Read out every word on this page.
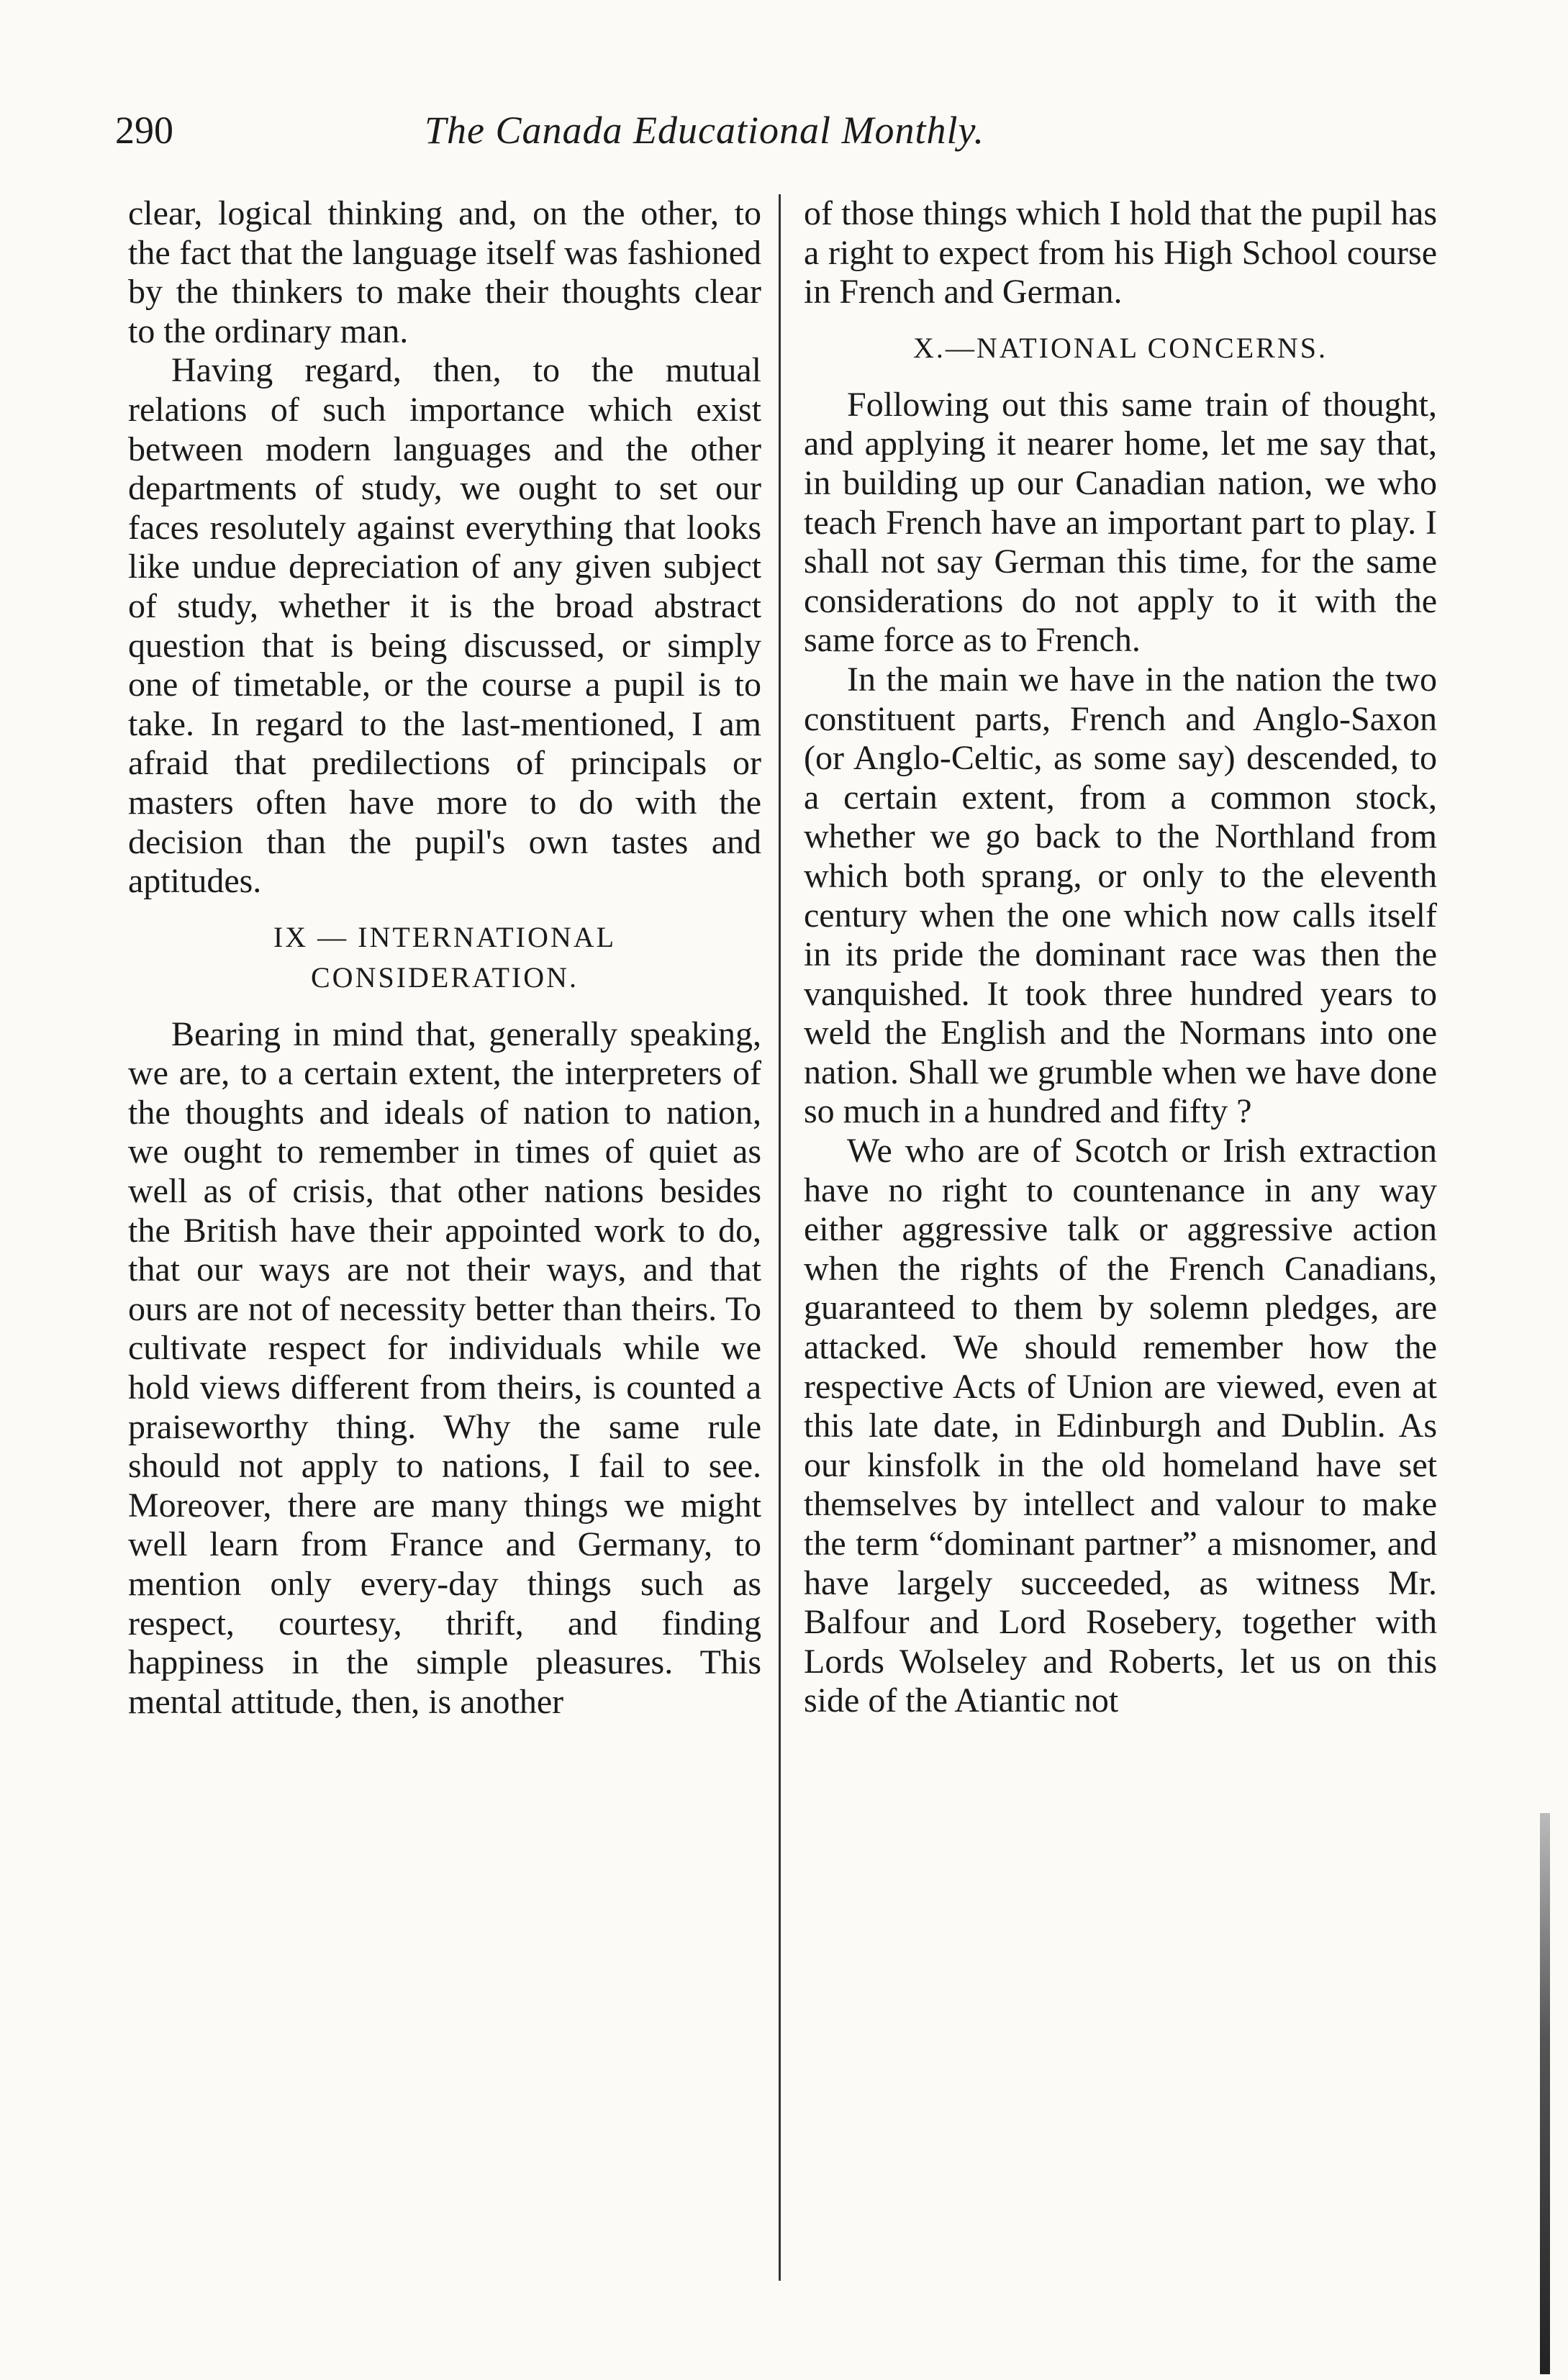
290	The Canada Educational Monthly.

clear, logical thinking and, on the other, to the fact that the language itself was fashioned by the thinkers to make their thoughts clear to the ordinary man.

Having regard, then, to the mutual relations of such importance which exist between modern languages and the other departments of study, we ought to set our faces resolutely against everything that looks like undue depreciation of any given subject of study, whether it is the broad abstract question that is being discussed, or simply one of timetable, or the course a pupil is to take. In regard to the last-mentioned, I am afraid that predilections of principals or masters often have more to do with the decision than the pupil's own tastes and aptitudes.

IX — INTERNATIONAL
CONSIDERATION.

Bearing in mind that, generally speaking, we are, to a certain extent, the interpreters of the thoughts and ideals of nation to nation, we ought to remember in times of quiet as well as of crisis, that other nations besides the British have their appointed work to do, that our ways are not their ways, and that ours are not of necessity better than theirs. To cultivate respect for individuals while we hold views different from theirs, is counted a praiseworthy thing. Why the same rule should not apply to nations, I fail to see. Moreover, there are many things we might well learn from France and Germany, to mention only every-day things such as respect, courtesy, thrift, and finding happiness in the simple pleasures. This mental attitude, then, is another

of those things which I hold that the pupil has a right to expect from his High School course in French and German.

X.—NATIONAL CONCERNS.

Following out this same train of thought, and applying it nearer home, let me say that, in building up our Canadian nation, we who teach French have an important part to play. I shall not say German this time, for the same considerations do not apply to it with the same force as to French.

In the main we have in the nation the two constituent parts, French and Anglo-Saxon (or Anglo-Celtic, as some say) descended, to a certain extent, from a common stock, whether we go back to the Northland from which both sprang, or only to the eleventh century when the one which now calls itself in its pride the dominant race was then the vanquished. It took three hundred years to weld the English and the Normans into one nation. Shall we grumble when we have done so much in a hundred and fifty ?

We who are of Scotch or Irish extraction have no right to countenance in any way either aggressive talk or aggressive action when the rights of the French Canadians, guaranteed to them by solemn pledges, are attacked. We should remember how the respective Acts of Union are viewed, even at this late date, in Edinburgh and Dublin. As our kinsfolk in the old homeland have set themselves by intellect and valour to make the term “dominant partner” a misnomer, and have largely succeeded, as witness Mr. Balfour and Lord Rosebery, together with Lords Wolseley and Roberts, let us on this side of the Atiantic not
